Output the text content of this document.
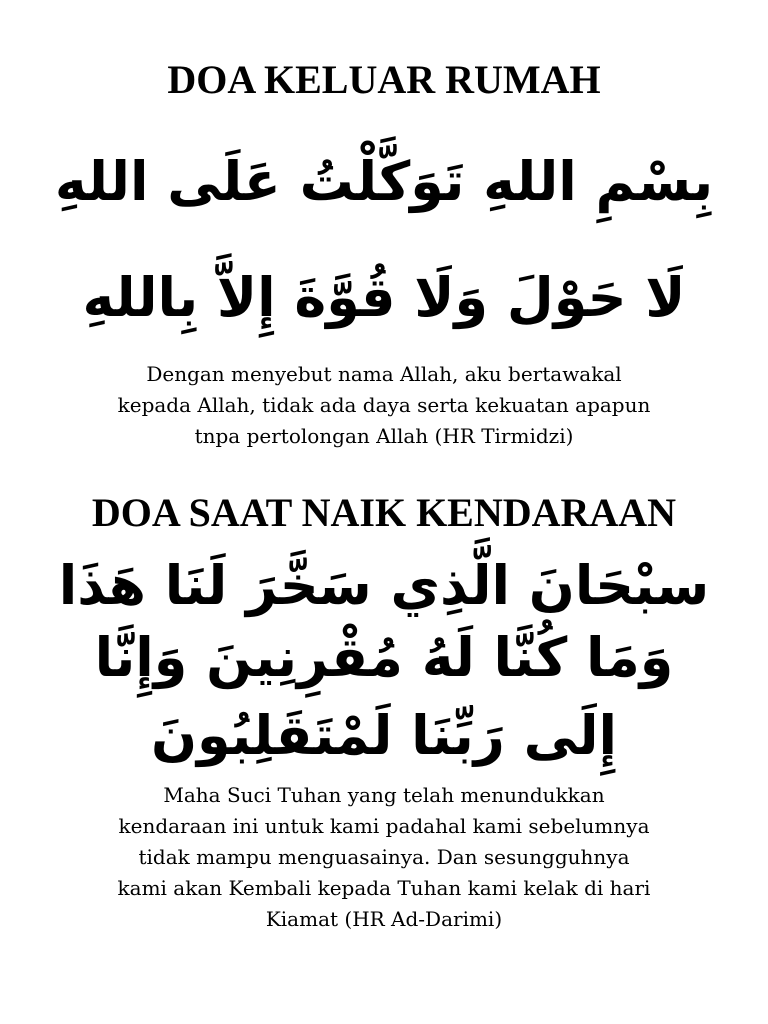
DOA KELUAR RUMAH

بِسْمِ اللهِ تَوَكَّلْتُ عَلَى اللهِ

لَا حَوْلَ وَلَا قُوَّةَ إِلاَّ بِاللهِ

Dengan menyebut nama Allah, aku bertawakal
kepada Allah, tidak ada daya serta kekuatan apapun
tnpa pertolongan Allah (HR Tirmidzi)
DOA SAAT NAIK KENDARAAN

سبْحَانَ الَّذِي سَخَّرَ لَنَا هَذَا

وَمَا كُنَّا لَهُ مُقْرِنِينَ وَإِنَّا

إِلَى رَبِّنَا لَمْتَقَلِبُونَ

Maha Suci Tuhan yang telah menundukkan
kendaraan ini untuk kami padahal kami sebelumnya
tidak mampu menguasainya. Dan sesungguhnya
kami akan Kembali kepada Tuhan kami kelak di hari
Kiamat (HR Ad-Darimi)
